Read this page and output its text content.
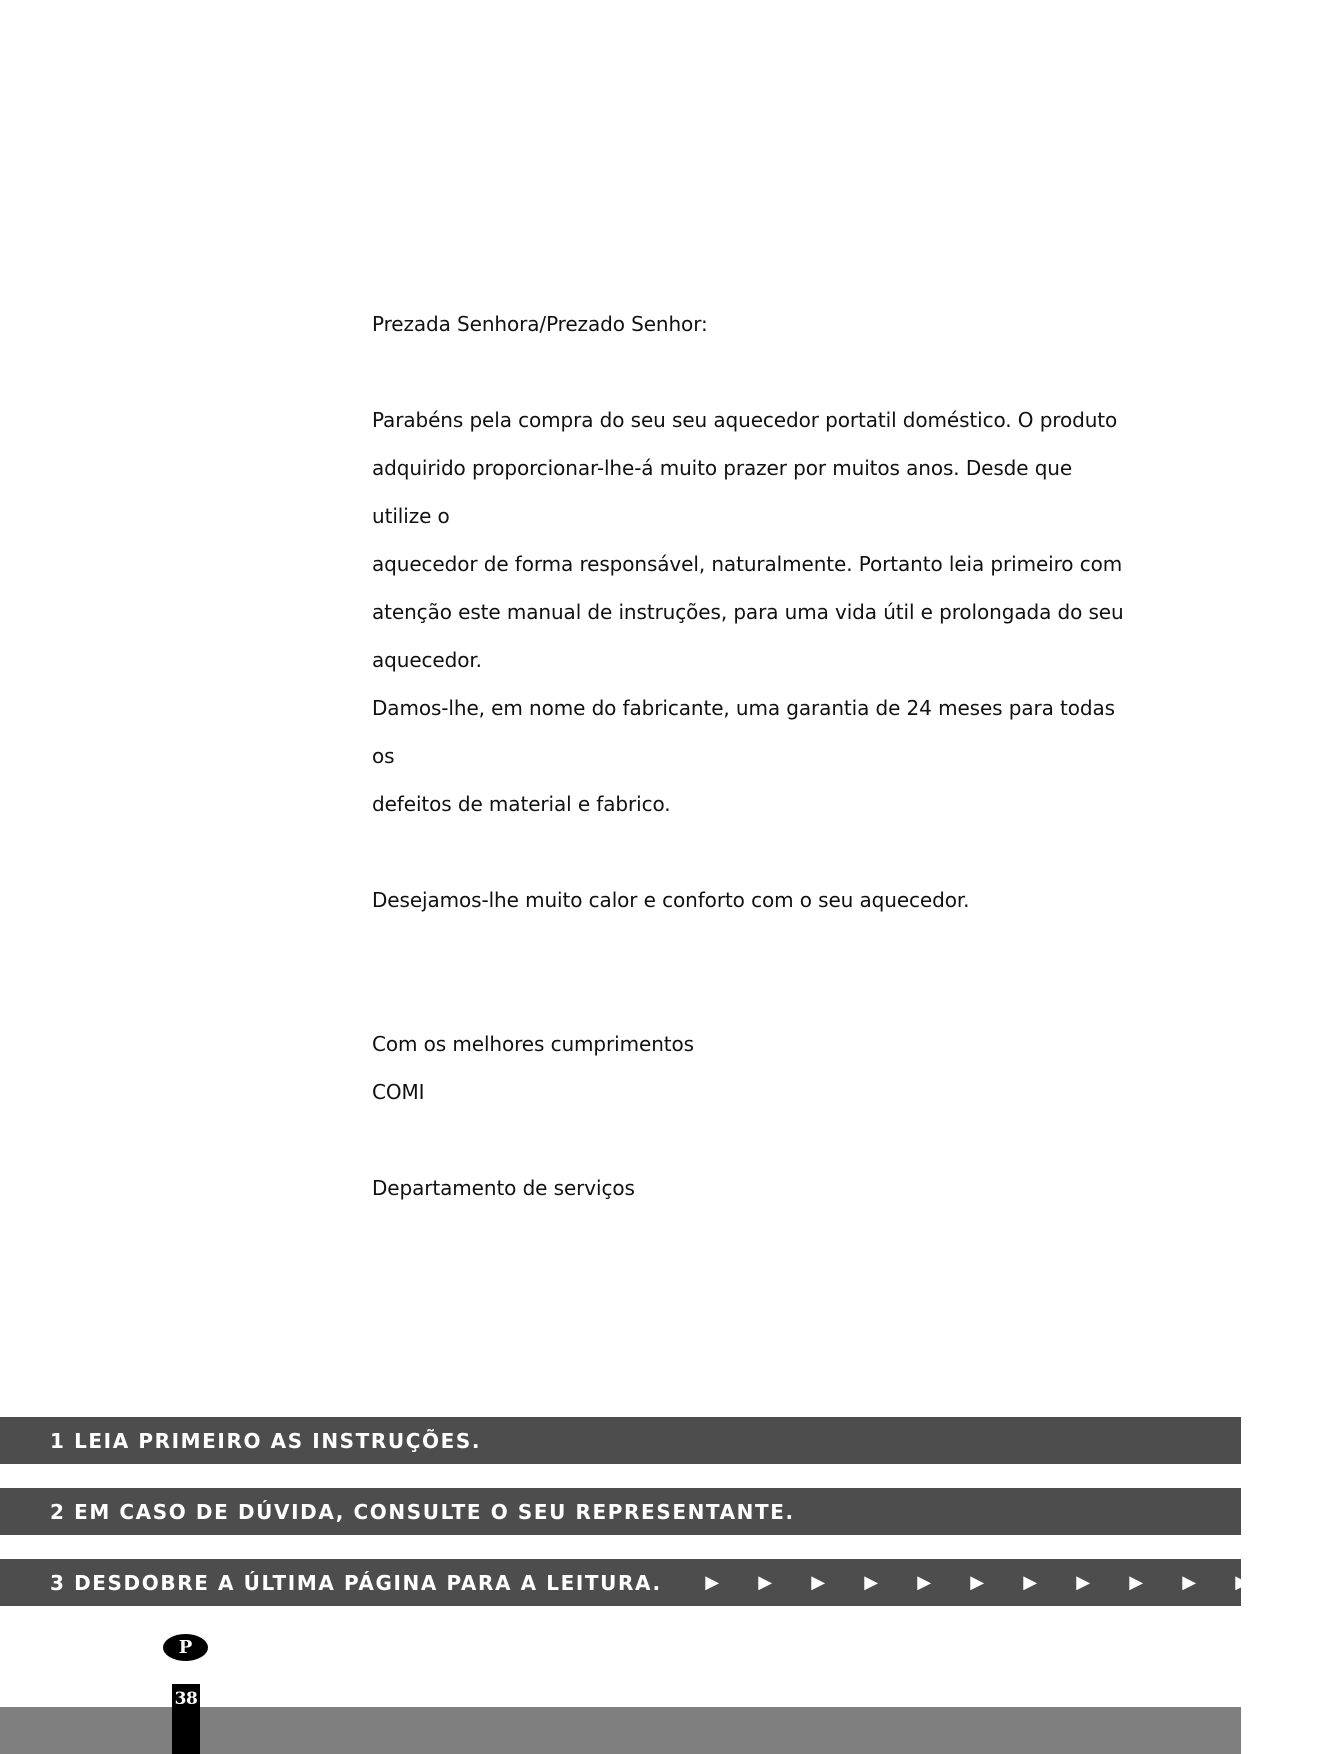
Prezada Senhora/Prezado Senhor:

Parabéns pela compra do seu seu aquecedor portatil doméstico. O produto

adquirido proporcionar-lhe-á muito prazer por muitos anos. Desde que utilize o

aquecedor de forma responsável, naturalmente. Portanto leia primeiro com

atenção este manual de instruções, para uma vida útil e prolongada do seu

aquecedor.

Damos-lhe, em nome do fabricante, uma garantia de 24 meses para todas os

defeitos de material e fabrico.

Desejamos-lhe muito calor e conforto com o seu aquecedor.

Com os melhores cumprimentos

COMI

Departamento de serviços

1 LEIA PRIMEIRO AS INSTRUÇÕES.
2 EM CASO DE DÚVIDA, CONSULTE O SEU REPRESENTANTE.
3 DESDOBRE A ÚLTIMA PÁGINA PARA A LEITURA.	▶	▶	▶	▶	▶	▶	▶	▶	▶	▶	▶	▶
P
38
